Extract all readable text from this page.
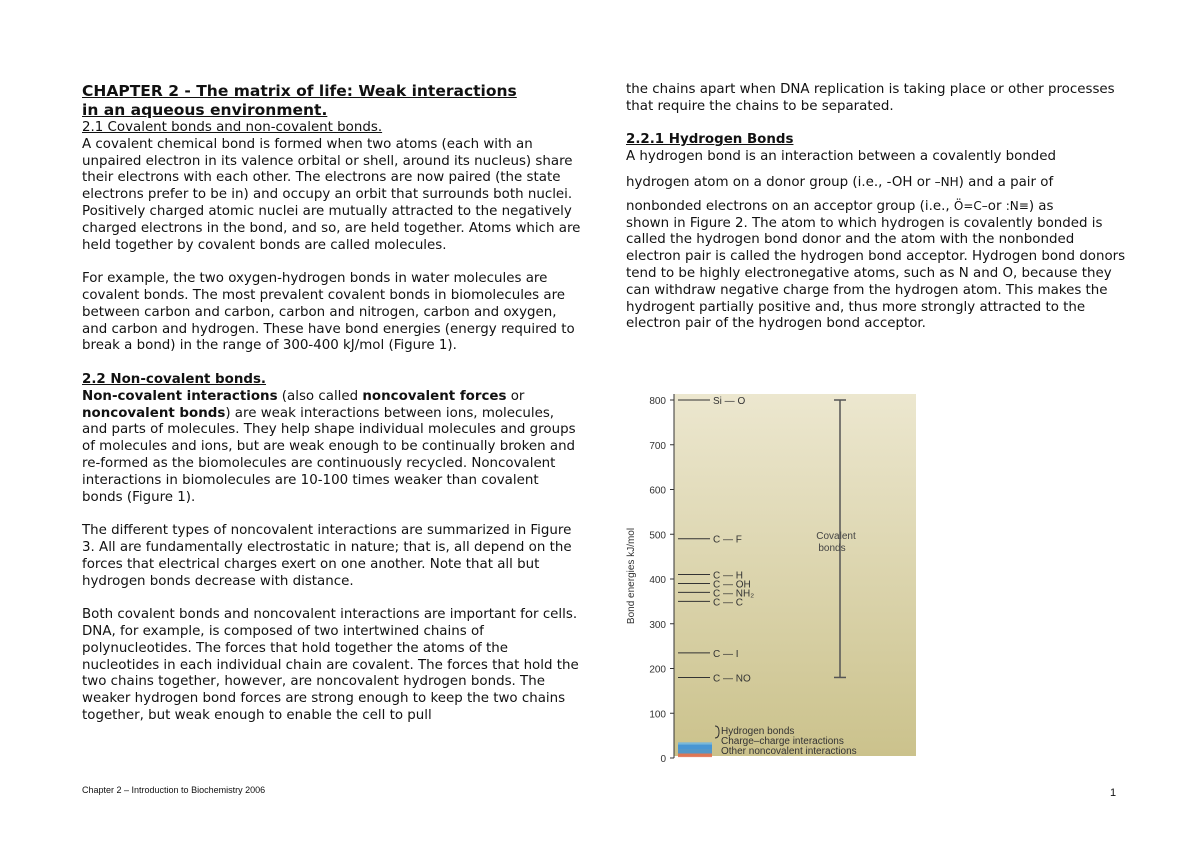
CHAPTER 2 - The matrix of life: Weak interactions
in an aqueous environment.

2.1 Covalent bonds and non-covalent bonds.

A covalent chemical bond is formed when two atoms (each with an unpaired electron in its valence orbital or shell, around its nucleus) share their electrons with each other. The electrons are now paired (the state electrons prefer to be in) and occupy an orbit that surrounds both nuclei. Positively charged atomic nuclei are mutually attracted to the negatively charged electrons in the bond, and so, are held together. Atoms which are held together by covalent bonds are called molecules.

For example, the two oxygen-hydrogen bonds in water molecules are covalent bonds. The most prevalent covalent bonds in biomolecules are between carbon and carbon, carbon and nitrogen, carbon and oxygen, and carbon and hydrogen. These have bond energies (energy required to break a bond) in the range of 300-400 kJ/mol (Figure 1).

2.2 Non-covalent bonds.

Non-covalent interactions (also called noncovalent forces or noncovalent bonds) are weak interactions between ions, molecules, and parts of molecules. They help shape individual molecules and groups of molecules and ions, but are weak enough to be continually broken and re-formed as the biomolecules are continuously recycled. Noncovalent interactions in biomolecules are 10-100 times weaker than covalent bonds (Figure 1).

The different types of noncovalent interactions are summarized in Figure 3. All are fundamentally electrostatic in nature; that is, all depend on the forces that electrical charges exert on one another. Note that all but hydrogen bonds decrease with distance.

Both covalent bonds and noncovalent interactions are important for cells. DNA, for example, is composed of two intertwined chains of polynucleotides. The forces that hold together the atoms of the nucleotides in each individual chain are covalent. The forces that hold the two chains together, however, are noncovalent hydrogen bonds. The weaker hydrogen bond forces are strong enough to keep the two chains together, but weak enough to enable the cell to pull

the chains apart when DNA replication is taking place or other processes that require the chains to be separated.

2.2.1 Hydrogen Bonds

A hydrogen bond is an interaction between a covalently bonded

hydrogen atom on a donor group (i.e., -OH or –NH) and a pair of

nonbonded electrons on an acceptor group (i.e., Ö=C–or :N≡) as

shown in Figure 2. The atom to which hydrogen is covalently bonded is called the hydrogen bond donor and the atom with the nonbonded electron pair is called the hydrogen bond acceptor. Hydrogen bond donors tend to be highly electronegative atoms, such as N and O, because they can withdraw negative charge from the hydrogen atom. This makes the hydrogent partially positive and, thus more strongly attracted to the electron pair of the hydrogen bond acceptor.

Bond energies kJ/mol
0
100
200
300
400
500
600
700
800	Si — O
C — F
C — H
C — OH
C — NH₂
C — C
C — I
C — NO
Covalent
bonds
Hydrogen bonds
Charge–charge interactions
Other noncovalent interactions
Chapter 2 – Introduction to Biochemistry 2006	1
